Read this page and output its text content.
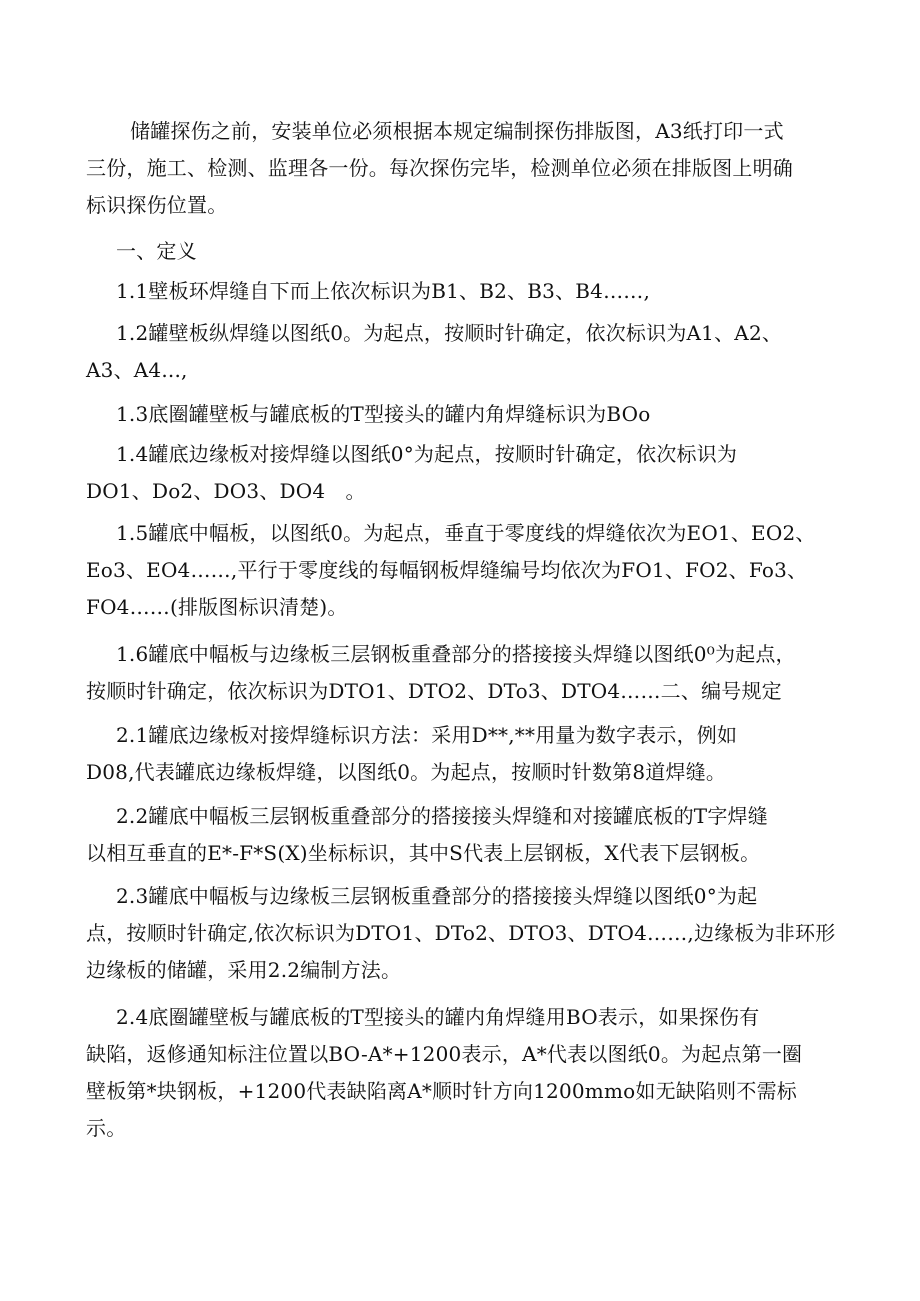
储罐探伤之前，安装单位必须根据本规定编制探伤排版图，A3纸打印一式
三份，施工、检测、监理各一份。每次探伤完毕，检测单位必须在排版图上明确
标识探伤位置。

一、定义

1.1壁板环焊缝自下而上依次标识为B1、B2、B3、B4……,

1.2罐壁板纵焊缝以图纸0。为起点，按顺时针确定，依次标识为A1、A2、
A3、A4...,

1.3底圈罐壁板与罐底板的T型接头的罐内角焊缝标识为BOo

1.4罐底边缘板对接焊缝以图纸0°为起点，按顺时针确定，依次标识为
DO1、Do2、DO3、DO4　。

1.5罐底中幅板，以图纸0。为起点，垂直于零度线的焊缝依次为EO1、EO2、
Eo3、EO4……,平行于零度线的每幅钢板焊缝编号均依次为FO1、FO2、Fo3、
FO4……(排版图标识清楚)。

1.6罐底中幅板与边缘板三层钢板重叠部分的搭接接头焊缝以图纸0⁰为起点，
按顺时针确定，依次标识为DTO1、DTO2、DTo3、DTO4……二、编号规定

2.1罐底边缘板对接焊缝标识方法：采用D**,**用量为数字表示，例如
D08,代表罐底边缘板焊缝，以图纸0。为起点，按顺时针数第8道焊缝。

2.2罐底中幅板三层钢板重叠部分的搭接接头焊缝和对接罐底板的T字焊缝
以相互垂直的E*-F*S(X)坐标标识，其中S代表上层钢板，X代表下层钢板。

2.3罐底中幅板与边缘板三层钢板重叠部分的搭接接头焊缝以图纸0°为起
点，按顺时针确定,依次标识为DTO1、DTo2、DTO3、DTO4……,边缘板为非环形
边缘板的储罐，采用2.2编制方法。

2.4底圈罐壁板与罐底板的T型接头的罐内角焊缝用BO表示，如果探伤有
缺陷，返修通知标注位置以BO-A*+1200表示，A*代表以图纸0。为起点第一圈
壁板第*块钢板，+1200代表缺陷离A*顺时针方向1200mmo如无缺陷则不需标
示。
